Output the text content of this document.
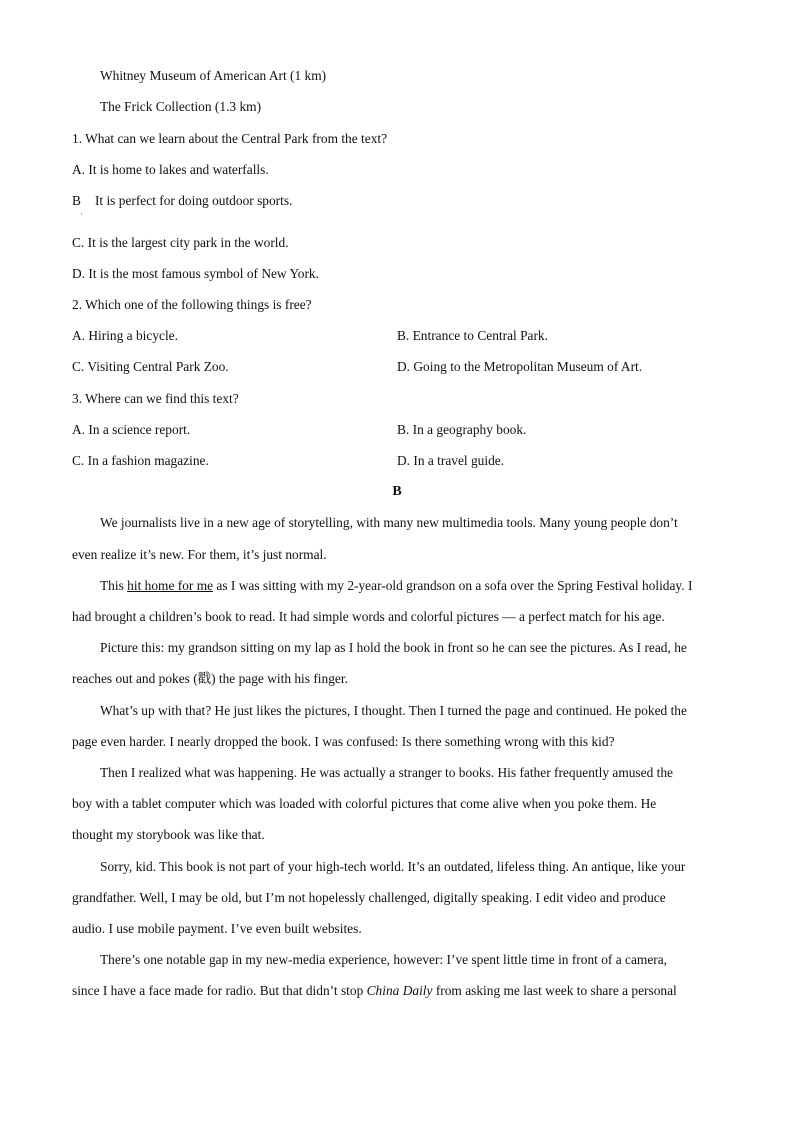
Whitney Museum of American Art (1 km)
The Frick Collection (1.3 km)
1. What can we learn about the Central Park from the text?
A. It is home to lakes and waterfalls.
B It is perfect for doing outdoor sports.
·
C. It is the largest city park in the world.
D. It is the most famous symbol of New York.
2. Which one of the following things is free?
A. Hiring a bicycle.	B. Entrance to Central Park.
C. Visiting Central Park Zoo.	D. Going to the Metropolitan Museum of Art.
3. Where can we find this text?
A. In a science report.	B. In a geography book.
C. In a fashion magazine.	D. In a travel guide.
B
We journalists live in a new age of storytelling, with many new multimedia tools. Many young people don’t
even realize it’s new. For them, it’s just normal.
This hit home for me as I was sitting with my 2-year-old grandson on a sofa over the Spring Festival holiday. I
had brought a children’s book to read. It had simple words and colorful pictures — a perfect match for his age.
Picture this: my grandson sitting on my lap as I hold the book in front so he can see the pictures. As I read, he
reaches out and pokes (戳) the page with his finger.
What’s up with that? He just likes the pictures, I thought. Then I turned the page and continued. He poked the
page even harder. I nearly dropped the book. I was confused: Is there something wrong with this kid?
Then I realized what was happening. He was actually a stranger to books. His father frequently amused the
boy with a tablet computer which was loaded with colorful pictures that come alive when you poke them. He
thought my storybook was like that.
Sorry, kid. This book is not part of your high-tech world. It’s an outdated, lifeless thing. An antique, like your
grandfather. Well, I may be old, but I’m not hopelessly challenged, digitally speaking. I edit video and produce
audio. I use mobile payment. I’ve even built websites.
There’s one notable gap in my new-media experience, however: I’ve spent little time in front of a camera,
since I have a face made for radio. But that didn’t stop China Daily from asking me last week to share a personal
